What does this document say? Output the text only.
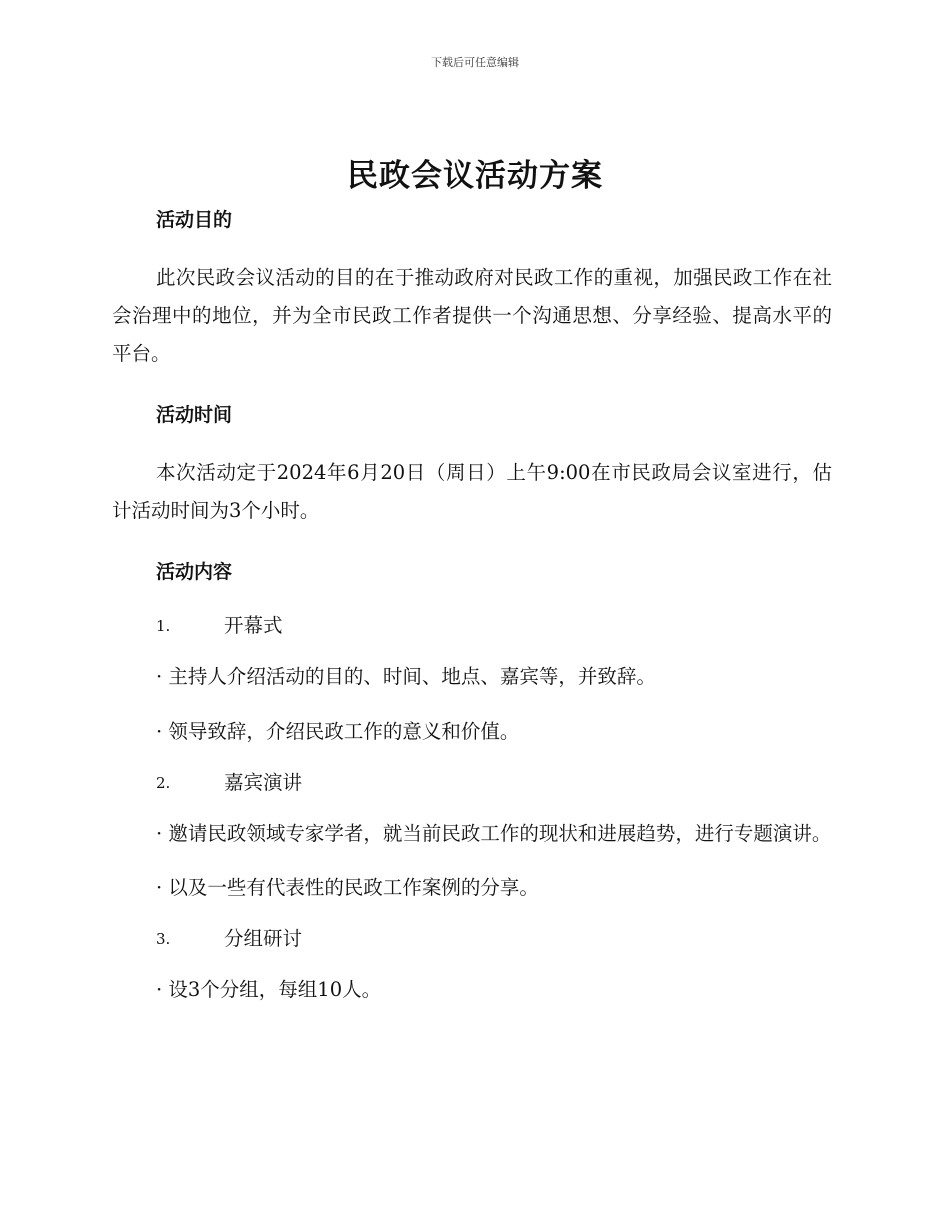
下载后可任意编辑
民政会议活动方案
活动目的

此次民政会议活动的目的在于推动政府对民政工作的重视，加强民政工作在社会治理中的地位，并为全市民政工作者提供一个沟通思想、分享经验、提高水平的平台。

活动时间

本次活动定于2024年6月20日（周日）上午9:00在市民政局会议室进行，估计活动时间为3个小时。

活动内容
1.	开幕式

· 主持人介绍活动的目的、时间、地点、嘉宾等，并致辞。

· 领导致辞，介绍民政工作的意义和价值。

2.	嘉宾演讲

· 邀请民政领域专家学者，就当前民政工作的现状和进展趋势，进行专题演讲。

· 以及一些有代表性的民政工作案例的分享。

3.	分组研讨

· 设3个分组，每组10人。
